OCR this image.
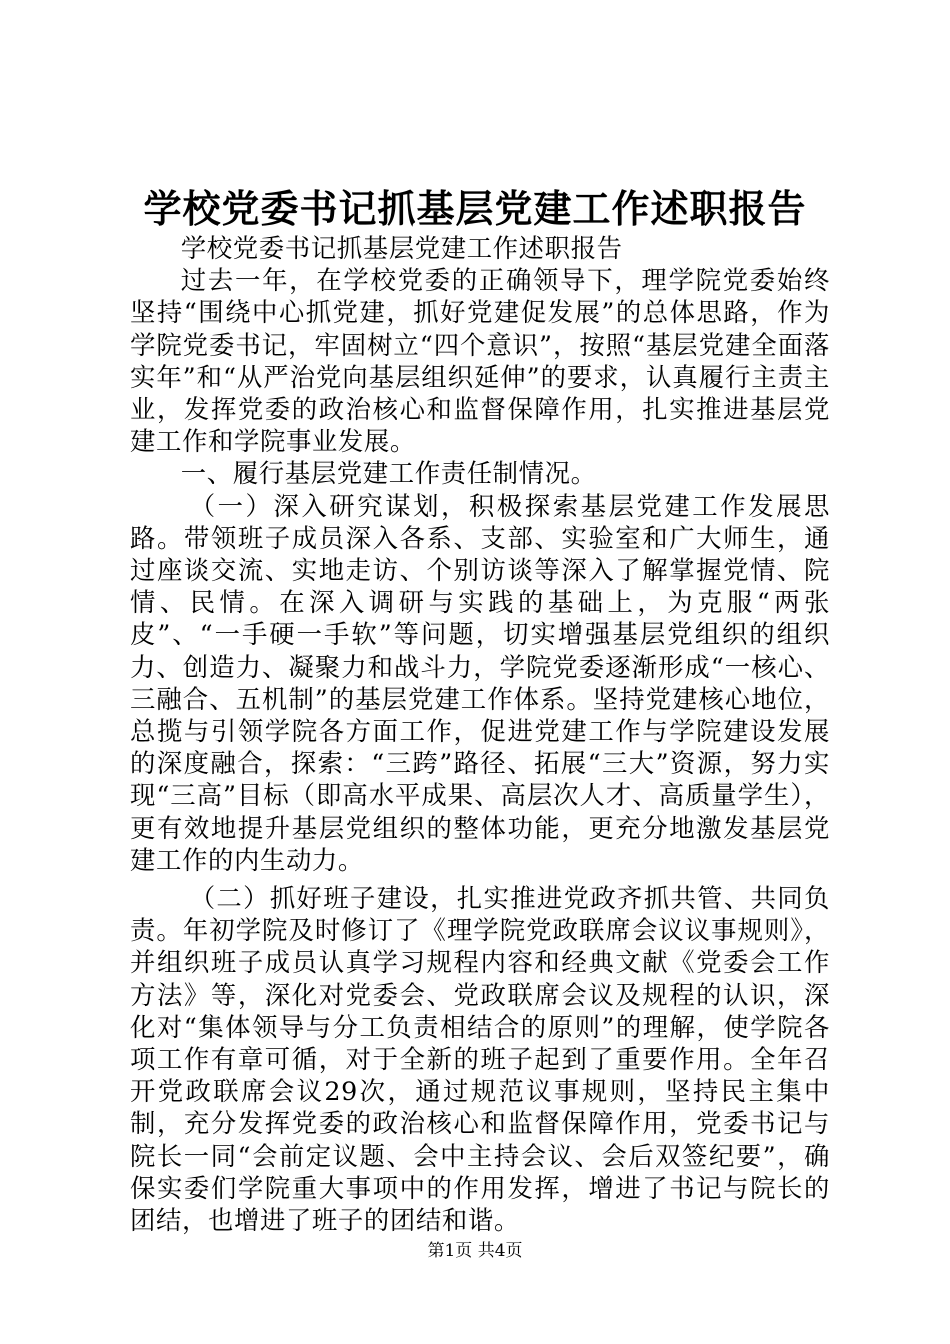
学校党委书记抓基层党建工作述职报告

学校党委书记抓基层党建工作述职报告

过去一年，在学校党委的正确领导下，理学院党委始终坚持“围绕中心抓党建，抓好党建促发展”的总体思路，作为学院党委书记，牢固树立“四个意识”，按照“基层党建全面落实年”和“从严治党向基层组织延伸”的要求，认真履行主责主业，发挥党委的政治核心和监督保障作用，扎实推进基层党建工作和学院事业发展。

一、履行基层党建工作责任制情况。

（一）深入研究谋划，积极探索基层党建工作发展思路。带领班子成员深入各系、支部、实验室和广大师生，通过座谈交流、实地走访、个别访谈等深入了解掌握党情、院情、民情。在深入调研与实践的基础上，为克服“两张皮”、“一手硬一手软”等问题，切实增强基层党组织的组织力、创造力、凝聚力和战斗力，学院党委逐渐形成“一核心、三融合、五机制”的基层党建工作体系。坚持党建核心地位，总揽与引领学院各方面工作，促进党建工作与学院建设发展的深度融合，探索：“三跨”路径、拓展“三大”资源，努力实现“三高”目标（即高水平成果、高层次人才、高质量学生），更有效地提升基层党组织的整体功能，更充分地激发基层党建工作的内生动力。

（二）抓好班子建设，扎实推进党政齐抓共管、共同负责。年初学院及时修订了《理学院党政联席会议议事规则》，并组织班子成员认真学习规程内容和经典文献《党委会工作方法》等，深化对党委会、党政联席会议及规程的认识，深化对“集体领导与分工负责相结合的原则”的理解，使学院各项工作有章可循，对于全新的班子起到了重要作用。全年召开党政联席会议29次，通过规范议事规则，坚持民主集中制，充分发挥党委的政治核心和监督保障作用，党委书记与院长一同“会前定议题、会中主持会议、会后双签纪要”，确保实委们学院重大事项中的作用发挥，增进了书记与院长的团结，也增进了班子的团结和谐。

第1页 共4页
